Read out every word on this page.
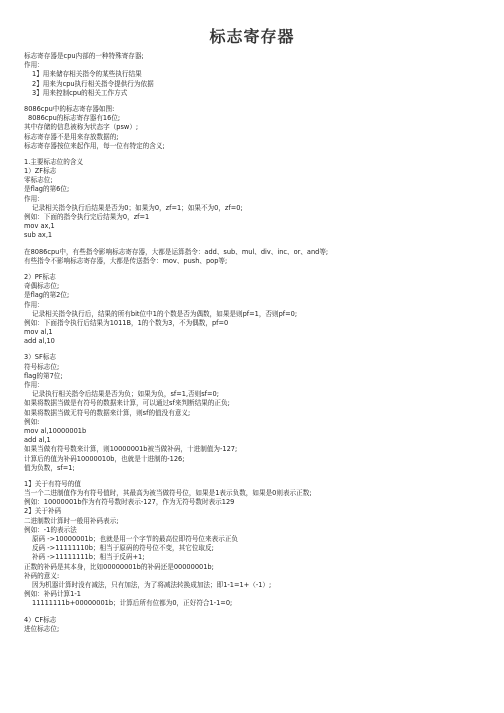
标志寄存器
标志寄存器是cpu内部的一种特殊寄存器;
作用：
1】用来储存相关指令的某些执行结果
2】用来为cpu执行相关指令提供行为依据
3】用来控制cpu的相关工作方式
8086cpu中的标志寄存器如图:
8086cpu的标志寄存器有16位;
其中存储的信息被称为状态字（psw）;
标志寄存器不是用来存放数据的;
标志寄存器按位来起作用，每一位有特定的含义;
1.主要标志位的含义
1）ZF标志
零标志位;
是flag的第6位;
作用：
记录相关指令执行后结果是否为0；如果为0，zf=1；如果不为0，zf=0;
例如：下面的指令执行完后结果为0，zf=1
mov ax,1
sub ax,1
在8086cpu中，有些指令影响标志寄存器，大都是运算指令：add、sub、mul、div、inc、or、and等;
有些指令不影响标志寄存器，大都是传送指令：mov、push、pop等;
2）PF标志
奇偶标志位;
是flag的第2位;
作用：
记录相关指令执行后，结果的所有bit位中1的个数是否为偶数，如果是则pf=1，否则pf=0;
例如：下面指令执行后结果为1011B，1的个数为3，不为偶数，pf=0
mov al,1
add al,10
3）SF标志
符号标志位;
flag的第7位;
作用：
记录执行相关指令后结果是否为负；如果为负，sf=1,否则sf=0;
如果将数据当做是有符号的数据来计算，可以通过sf来判断结果的正负;
如果将数据当做无符号的数据来计算，则sf的值没有意义;
例如:
mov al,10000001b
add al,1
如果当做有符号数来计算，则10000001b被当做补码，十进制值为-127;
计算后的值为补码10000010b，也就是十进制的-126;
值为负数，sf=1;
1】关于有符号的值
当一个二进制值作为有符号值时，其最高为被当做符号位，如果是1表示负数，如果是0则表示正数;
例如：10000001b作为有符号数时表示-127，作为无符号数时表示129
2】关于补码
二进制数计算时一般用补码表示;
例如：-1的表示法
原码 ->10000001b；也就是用一个字节的最高位即符号位来表示正负
反码 ->11111110b；相当于原码的符号位不变，其它位取反;
补码 ->11111111b；相当于反码+1;
正数的补码是其本身，比如00000001b的补码还是00000001b;
补码的意义:
因为机器计算时没有减法，只有加法，为了将减法转换成加法；即1-1=1+（-1）;
例如：补码计算1-1
11111111b+00000001b；计算后所有位都为0，正好符合1-1=0;
4）CF标志
进位标志位;
